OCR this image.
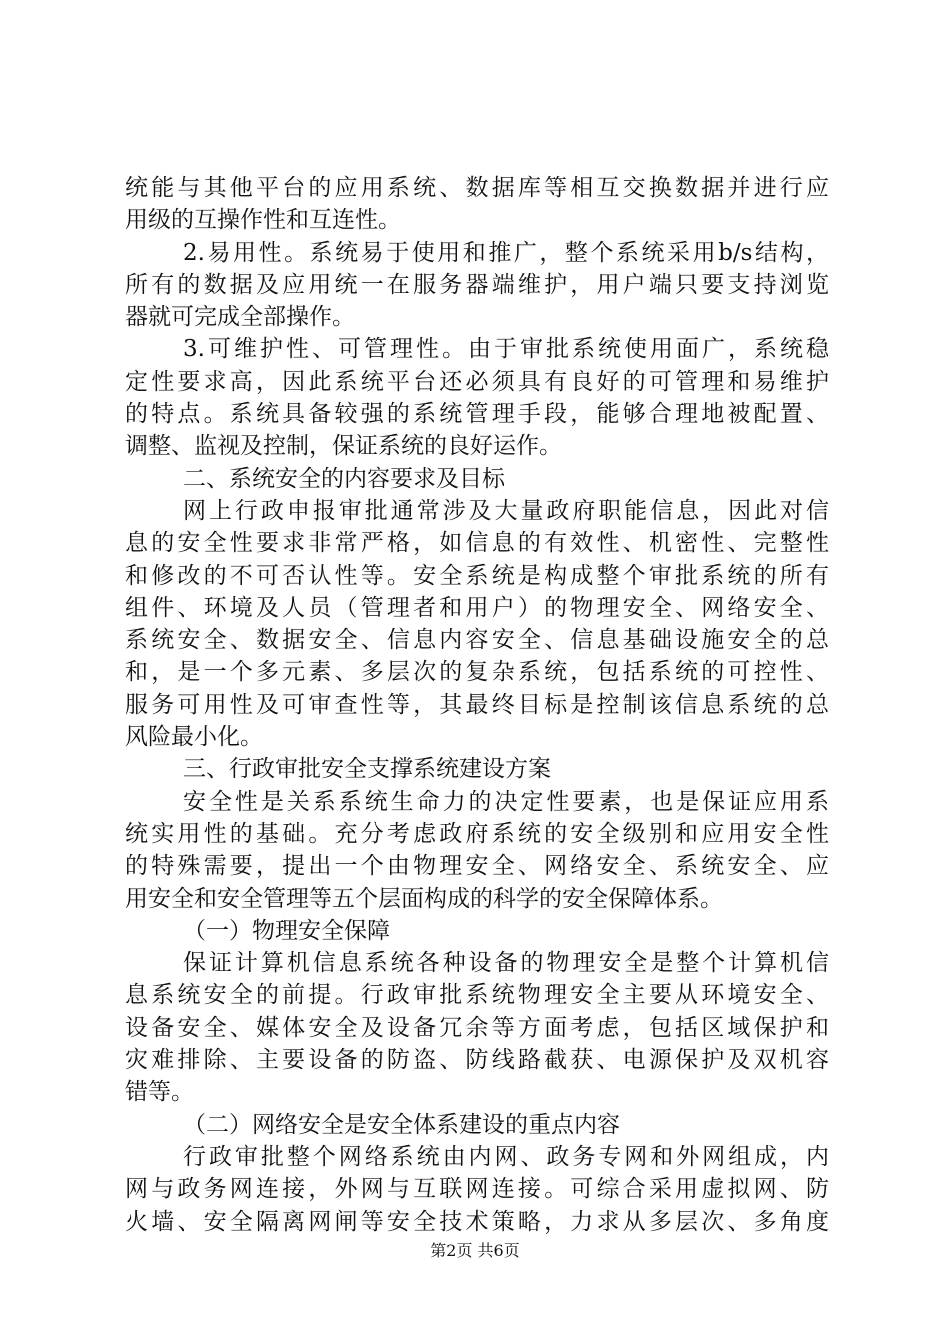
统能与其他平台的应用系统、数据库等相互交换数据并进行应
用级的互操作性和互连性。
2.易用性。系统易于使用和推广，整个系统采用b/s结构，
所有的数据及应用统一在服务器端维护，用户端只要支持浏览
器就可完成全部操作。
3.可维护性、可管理性。由于审批系统使用面广，系统稳
定性要求高，因此系统平台还必须具有良好的可管理和易维护
的特点。系统具备较强的系统管理手段，能够合理地被配置、
调整、监视及控制，保证系统的良好运作。
二、系统安全的内容要求及目标
网上行政申报审批通常涉及大量政府职能信息，因此对信
息的安全性要求非常严格，如信息的有效性、机密性、完整性
和修改的不可否认性等。安全系统是构成整个审批系统的所有
组件、环境及人员（管理者和用户）的物理安全、网络安全、
系统安全、数据安全、信息内容安全、信息基础设施安全的总
和，是一个多元素、多层次的复杂系统，包括系统的可控性、
服务可用性及可审查性等，其最终目标是控制该信息系统的总
风险最小化。
三、行政审批安全支撑系统建设方案
安全性是关系系统生命力的决定性要素，也是保证应用系
统实用性的基础。充分考虑政府系统的安全级别和应用安全性
的特殊需要，提出一个由物理安全、网络安全、系统安全、应
用安全和安全管理等五个层面构成的科学的安全保障体系。
（一）物理安全保障
保证计算机信息系统各种设备的物理安全是整个计算机信
息系统安全的前提。行政审批系统物理安全主要从环境安全、
设备安全、媒体安全及设备冗余等方面考虑，包括区域保护和
灾难排除、主要设备的防盗、防线路截获、电源保护及双机容
错等。
（二）网络安全是安全体系建设的重点内容
行政审批整个网络系统由内网、政务专网和外网组成，内
网与政务网连接，外网与互联网连接。可综合采用虚拟网、防
火墙、安全隔离网闸等安全技术策略，力求从多层次、多角度
第2页 共6页
